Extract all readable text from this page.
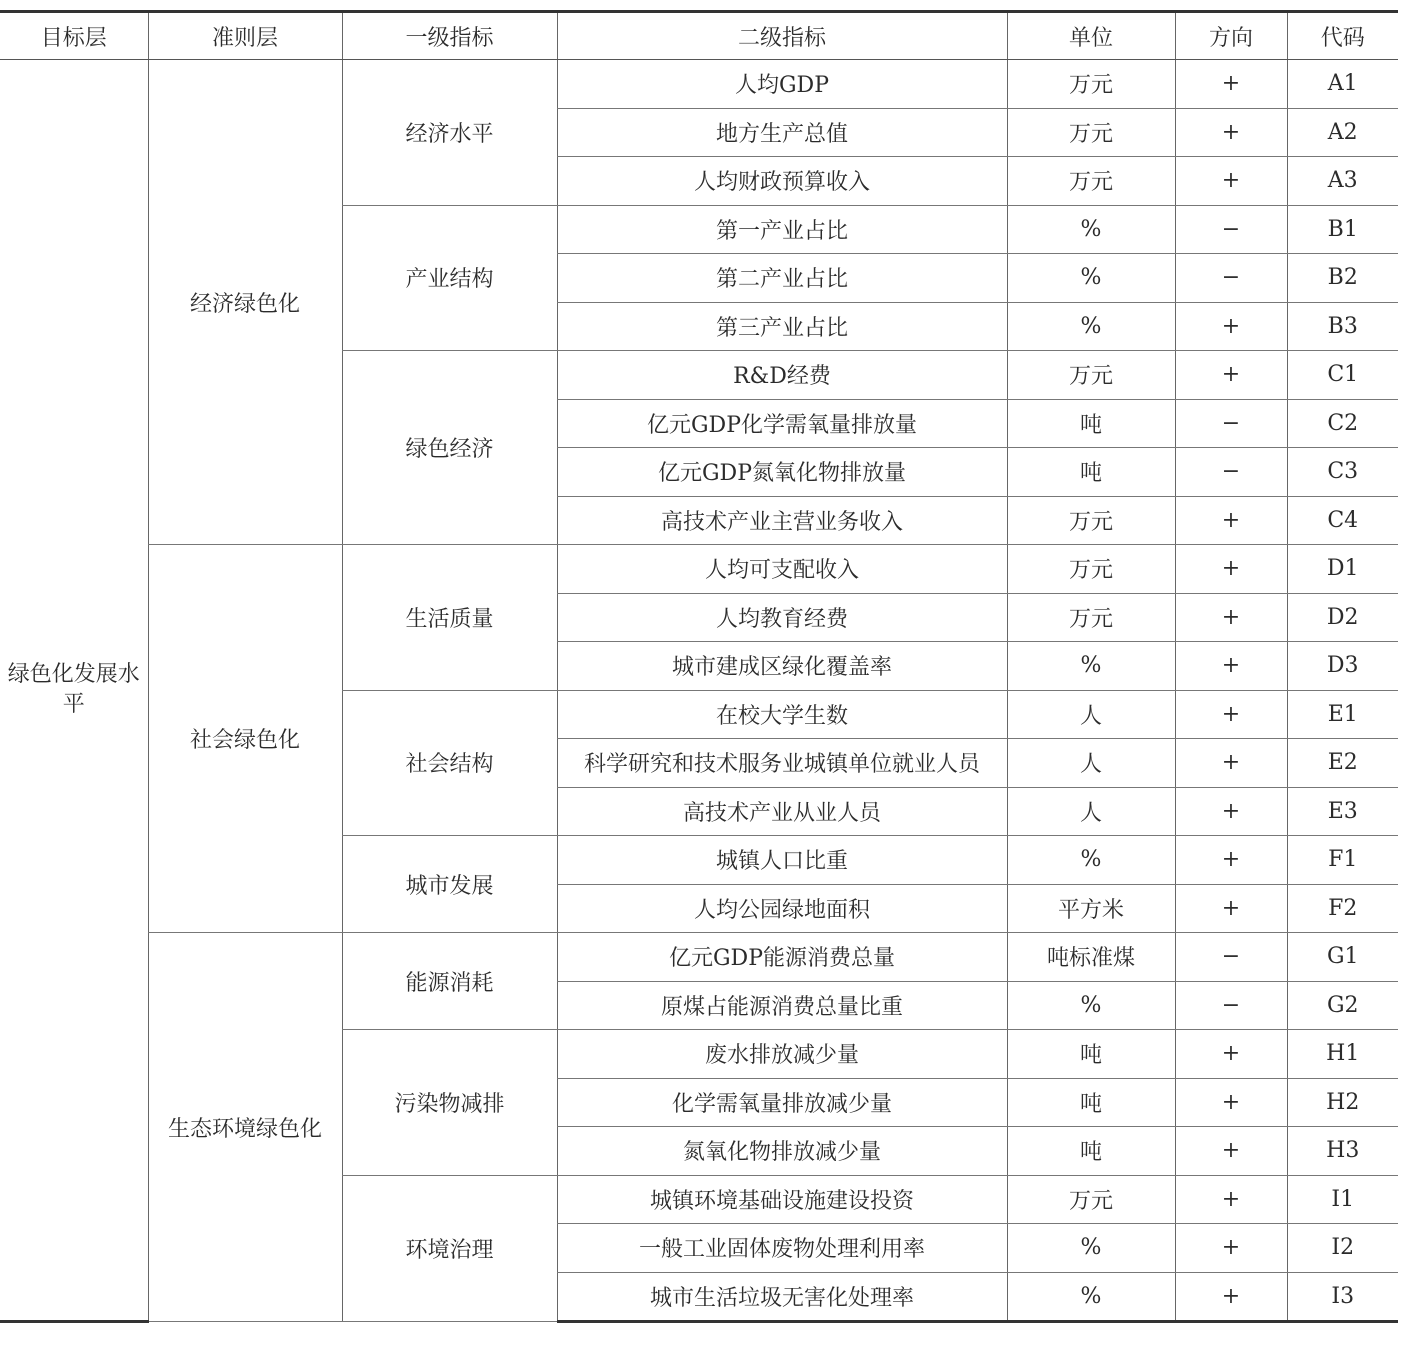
目标层	准则层	一级指标	二级指标	单位	方向	代码
绿色化发展水平	经济绿色化	经济水平	人均GDP	万元	+	A1
			地方生产总值	万元	+	A2
			人均财政预算收入	万元	+	A3
		产业结构	第一产业占比	%	−	B1
			第二产业占比	%	−	B2
			第三产业占比	%	+	B3
		绿色经济	R&D经费	万元	+	C1
			亿元GDP化学需氧量排放量	吨	−	C2
			亿元GDP氮氧化物排放量	吨	−	C3
			高技术产业主营业务收入	万元	+	C4
	社会绿色化	生活质量	人均可支配收入	万元	+	D1
			人均教育经费	万元	+	D2
			城市建成区绿化覆盖率	%	+	D3
		社会结构	在校大学生数	人	+	E1
			科学研究和技术服务业城镇单位就业人员	人	+	E2
			高技术产业从业人员	人	+	E3
		城市发展	城镇人口比重	%	+	F1
			人均公园绿地面积	平方米	+	F2
	生态环境绿色化	能源消耗	亿元GDP能源消费总量	吨标准煤	−	G1
			原煤占能源消费总量比重	%	−	G2
		污染物减排	废水排放减少量	吨	+	H1
			化学需氧量排放减少量	吨	+	H2
			氮氧化物排放减少量	吨	+	H3
		环境治理	城镇环境基础设施建设投资	万元	+	I1
			一般工业固体废物处理利用率	%	+	I2
			城市生活垃圾无害化处理率	%	+	I3
